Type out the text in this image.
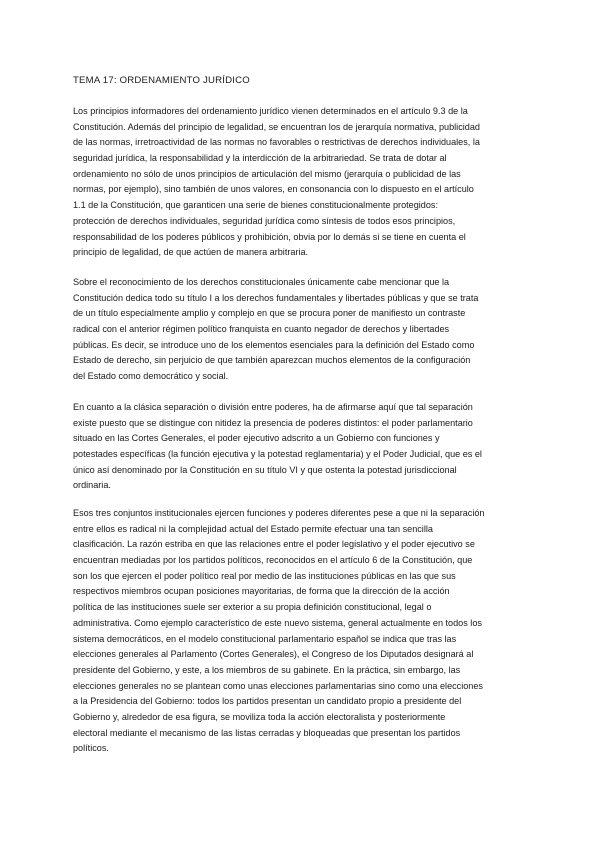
TEMA 17: ORDENAMIENTO JURÍDICO
Los principios informadores del ordenamiento jurídico vienen determinados en el artículo 9.3 de la
Constitución. Además del principio de legalidad, se encuentran los de jerarquía normativa, publicidad
de las normas, irretroactividad de las normas no favorables o restrictivas de derechos individuales, la
seguridad jurídica, la responsabilidad y la interdicción de la arbitrariedad. Se trata de dotar al
ordenamiento no sólo de unos principios de articulación del mismo (jerarquía o publicidad de las
normas, por ejemplo), sino también de unos valores, en consonancia con lo dispuesto en el artículo
1.1 de la Constitución, que garanticen una serie de bienes constitucionalmente protegidos:
protección de derechos individuales, seguridad jurídica como síntesis de todos esos principios,
responsabilidad de los poderes públicos y prohibición, obvia por lo demás si se tiene en cuenta el
principio de legalidad, de que actúen de manera arbitraria.
Sobre el reconocimiento de los derechos constitucionales únicamente cabe mencionar que la
Constitución dedica todo su título I a los derechos fundamentales y libertades públicas y que se trata
de un título especialmente amplio y complejo en que se procura poner de manifiesto un contraste
radical con el anterior régimen político franquista en cuanto negador de derechos y libertades
públicas. Es decir, se introduce uno de los elementos esenciales para la definición del Estado como
Estado de derecho, sin perjuicio de que también aparezcan muchos elementos de la configuración
del Estado como democrático y social.
En cuanto a la clásica separación o división entre poderes, ha de afirmarse aquí que tal separación
existe puesto que se distingue con nitidez la presencia de poderes distintos: el poder parlamentario
situado en las Cortes Generales, el poder ejecutivo adscrito a un Gobierno con funciones y
potestades específicas (la función ejecutiva y la potestad reglamentaria) y el Poder Judicial, que es el
único así denominado por la Constitución en su título VI y que ostenta la potestad jurisdiccional
ordinaria.
Esos tres conjuntos institucionales ejercen funciones y poderes diferentes pese a que ni la separación
entre ellos es radical ni la complejidad actual del Estado permite efectuar una tan sencilla
clasificación. La razón estriba en que las relaciones entre el poder legislativo y el poder ejecutivo se
encuentran mediadas por los partidos políticos, reconocidos en el artículo 6 de la Constitución, que
son los que ejercen el poder político real por medio de las instituciones públicas en las que sus
respectivos miembros ocupan posiciones mayoritarias, de forma que la dirección de la acción
política de las instituciones suele ser exterior a su propia definición constitucional, legal o
administrativa. Como ejemplo característico de este nuevo sistema, general actualmente en todos los
sistema democráticos, en el modelo constitucional parlamentario español se indica que tras las
elecciones generales al Parlamento (Cortes Generales), el Congreso de los Diputados designará al
presidente del Gobierno, y este, a los miembros de su gabinete. En la práctica, sin embargo, las
elecciones generales no se plantean como unas elecciones parlamentarias sino como una elecciones
a la Presidencia del Gobierno: todos los partidos presentan un candidato propio a presidente del
Gobierno y, alrededor de esa figura, se moviliza toda la acción electoralista y posteriormente
electoral mediante el mecanismo de las listas cerradas y bloqueadas que presentan los partidos
políticos.
